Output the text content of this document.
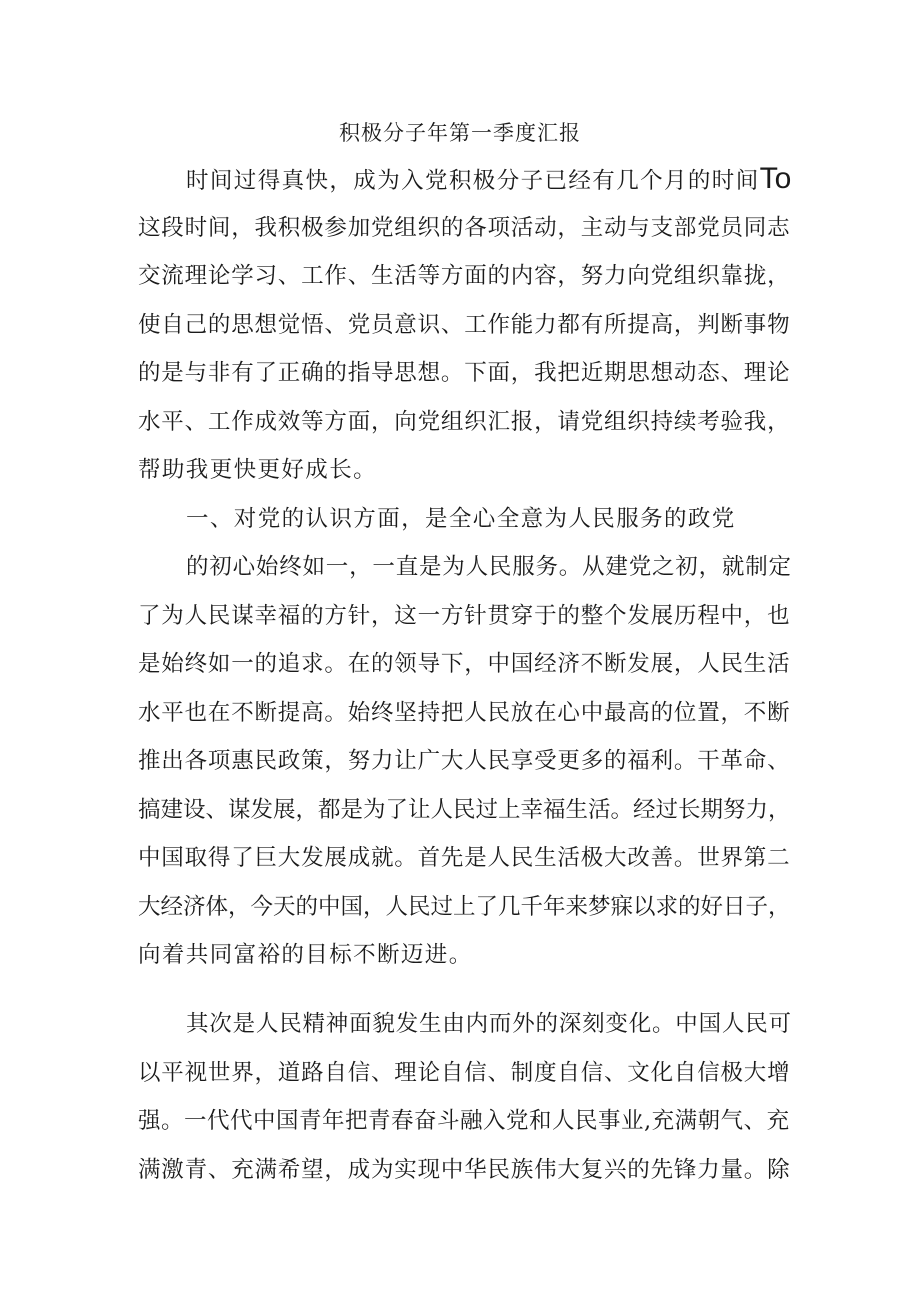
积极分子年第一季度汇报
时间过得真快，成为入党积极分子已经有几个月的时间To
这段时间，我积极参加党组织的各项活动，主动与支部党员同志
交流理论学习、工作、生活等方面的内容，努力向党组织靠拢，
使自己的思想觉悟、党员意识、工作能力都有所提高，判断事物
的是与非有了正确的指导思想。下面，我把近期思想动态、理论
水平、工作成效等方面，向党组织汇报，请党组织持续考验我，
帮助我更快更好成长。
一、对党的认识方面，是全心全意为人民服务的政党
的初心始终如一，一直是为人民服务。从建党之初，就制定
了为人民谋幸福的方针，这一方针贯穿于的整个发展历程中，也
是始终如一的追求。在的领导下，中国经济不断发展，人民生活
水平也在不断提高。始终坚持把人民放在心中最高的位置，不断
推出各项惠民政策，努力让广大人民享受更多的福利。干革命、
搞建设、谋发展，都是为了让人民过上幸福生活。经过长期努力，
中国取得了巨大发展成就。首先是人民生活极大改善。世界第二
大经济体，今天的中国，人民过上了几千年来梦寐以求的好日子，
向着共同富裕的目标不断迈进。
其次是人民精神面貌发生由内而外的深刻变化。中国人民可
以平视世界，道路自信、理论自信、制度自信、文化自信极大增
强。一代代中国青年把青春奋斗融入党和人民事业,充满朝气、充
满激青、充满希望，成为实现中华民族伟大复兴的先锋力量。除
